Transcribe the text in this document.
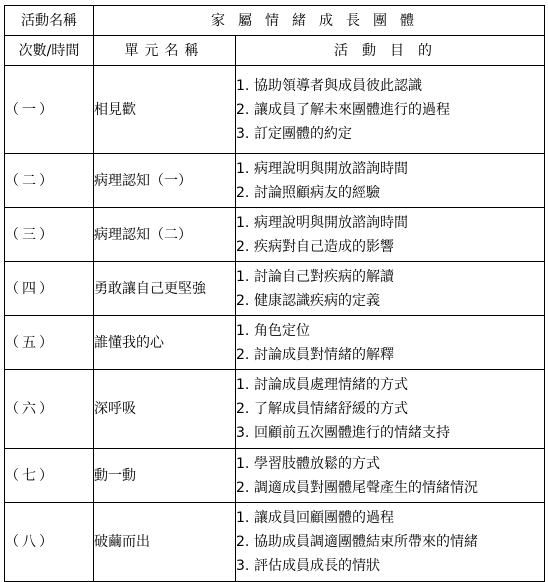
活動名稱	家屬情緒成長團體	
次數/時間	單元名稱	活動目的
（一）	相見歡	1. 協助領導者與成員彼此認識
2. 讓成員了解未來團體進行的過程
3. 訂定團體的約定

（二）	病理認知（一）	1. 病理說明與開放諮詢時間
2. 討論照顧病友的經驗

（三）	病理認知（二）	1. 病理說明與開放諮詢時間
2. 疾病對自己造成的影響

（四）	勇敢讓自己更堅強	1. 討論自己對疾病的解讀
2. 健康認識疾病的定義

（五）	誰懂我的心	1. 角色定位
2. 討論成員對情緒的解釋

（六）	深呼吸	1. 討論成員處理情緒的方式
2. 了解成員情緒舒緩的方式
3. 回顧前五次團體進行的情緒支持

（七）	動一動	1. 學習肢體放鬆的方式
2. 調適成員對團體尾聲產生的情緒情況

（八）	破繭而出	1. 讓成員回顧團體的過程
2. 協助成員調適團體結束所帶來的情緒
3. 評估成員成長的情狀
